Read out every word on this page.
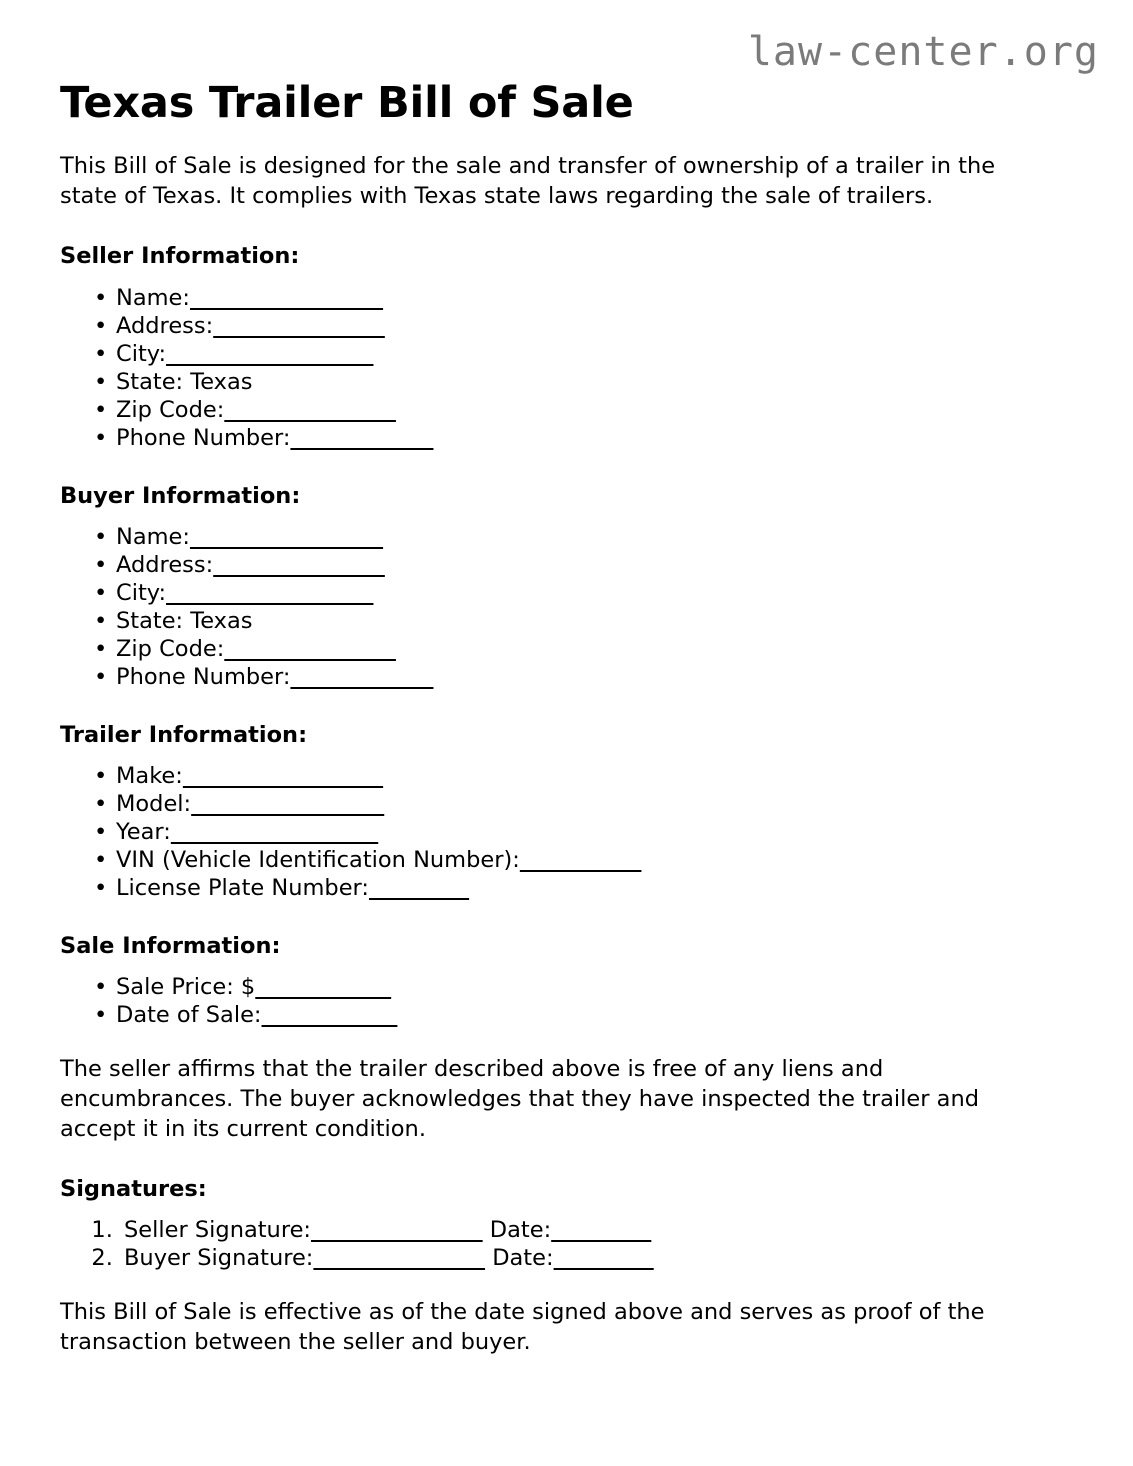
law-center.org
Texas Trailer Bill of Sale

This Bill of Sale is designed for the sale and transfer of ownership of a trailer in the state of Texas. It complies with Texas state laws regarding the sale of trailers.

Seller Information:
• Name:
• Address:
• City:
• State: Texas
• Zip Code:
• Phone Number:
Buyer Information:
• Name:
• Address:
• City:
• State: Texas
• Zip Code:
• Phone Number:
Trailer Information:
• Make:
• Model:
• Year:
• VIN (Vehicle Identification Number):
• License Plate Number:
Sale Information:
• Sale Price: $
• Date of Sale:

The seller affirms that the trailer described above is free of any liens and encumbrances. The buyer acknowledges that they have inspected the trailer and accept it in its current condition.

Signatures:
1. Seller Signature:	Date:
2. Buyer Signature:	Date:

This Bill of Sale is effective as of the date signed above and serves as proof of the transaction between the seller and buyer.
